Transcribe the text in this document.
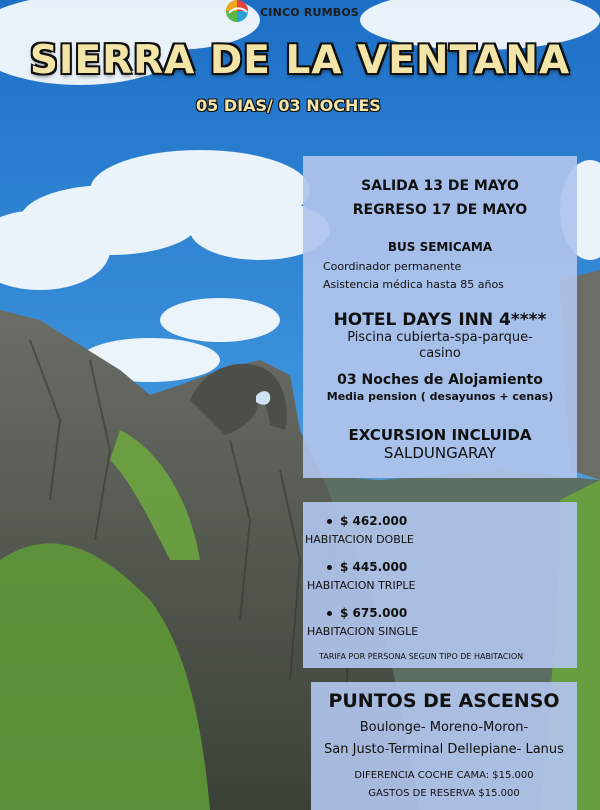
CINCO RUMBOS
SIERRA DE LA VENTANA
05 DIAS/ 03 NOCHES
SALIDA 13 DE MAYO
REGRESO 17 DE MAYO
BUS SEMICAMA
Coordinador permanente
Asistencia médica hasta 85 años
HOTEL DAYS INN 4****
Piscina cubierta-spa-parque-
casino
03 Noches de Alojamiento
Media pension ( desayunos + cenas)
EXCURSION INCLUIDA
SALDUNGARAY
$ 462.000
HABITACION DOBLE
$ 445.000
HABITACION TRIPLE
$ 675.000
HABITACION SINGLE
TARIFA POR PERSONA SEGUN TIPO DE HABITACION
PUNTOS DE ASCENSO
Boulonge- Moreno-Moron-
San Justo-Terminal Dellepiane- Lanus
DIFERENCIA COCHE CAMA: $15.000
GASTOS DE RESERVA $15.000
